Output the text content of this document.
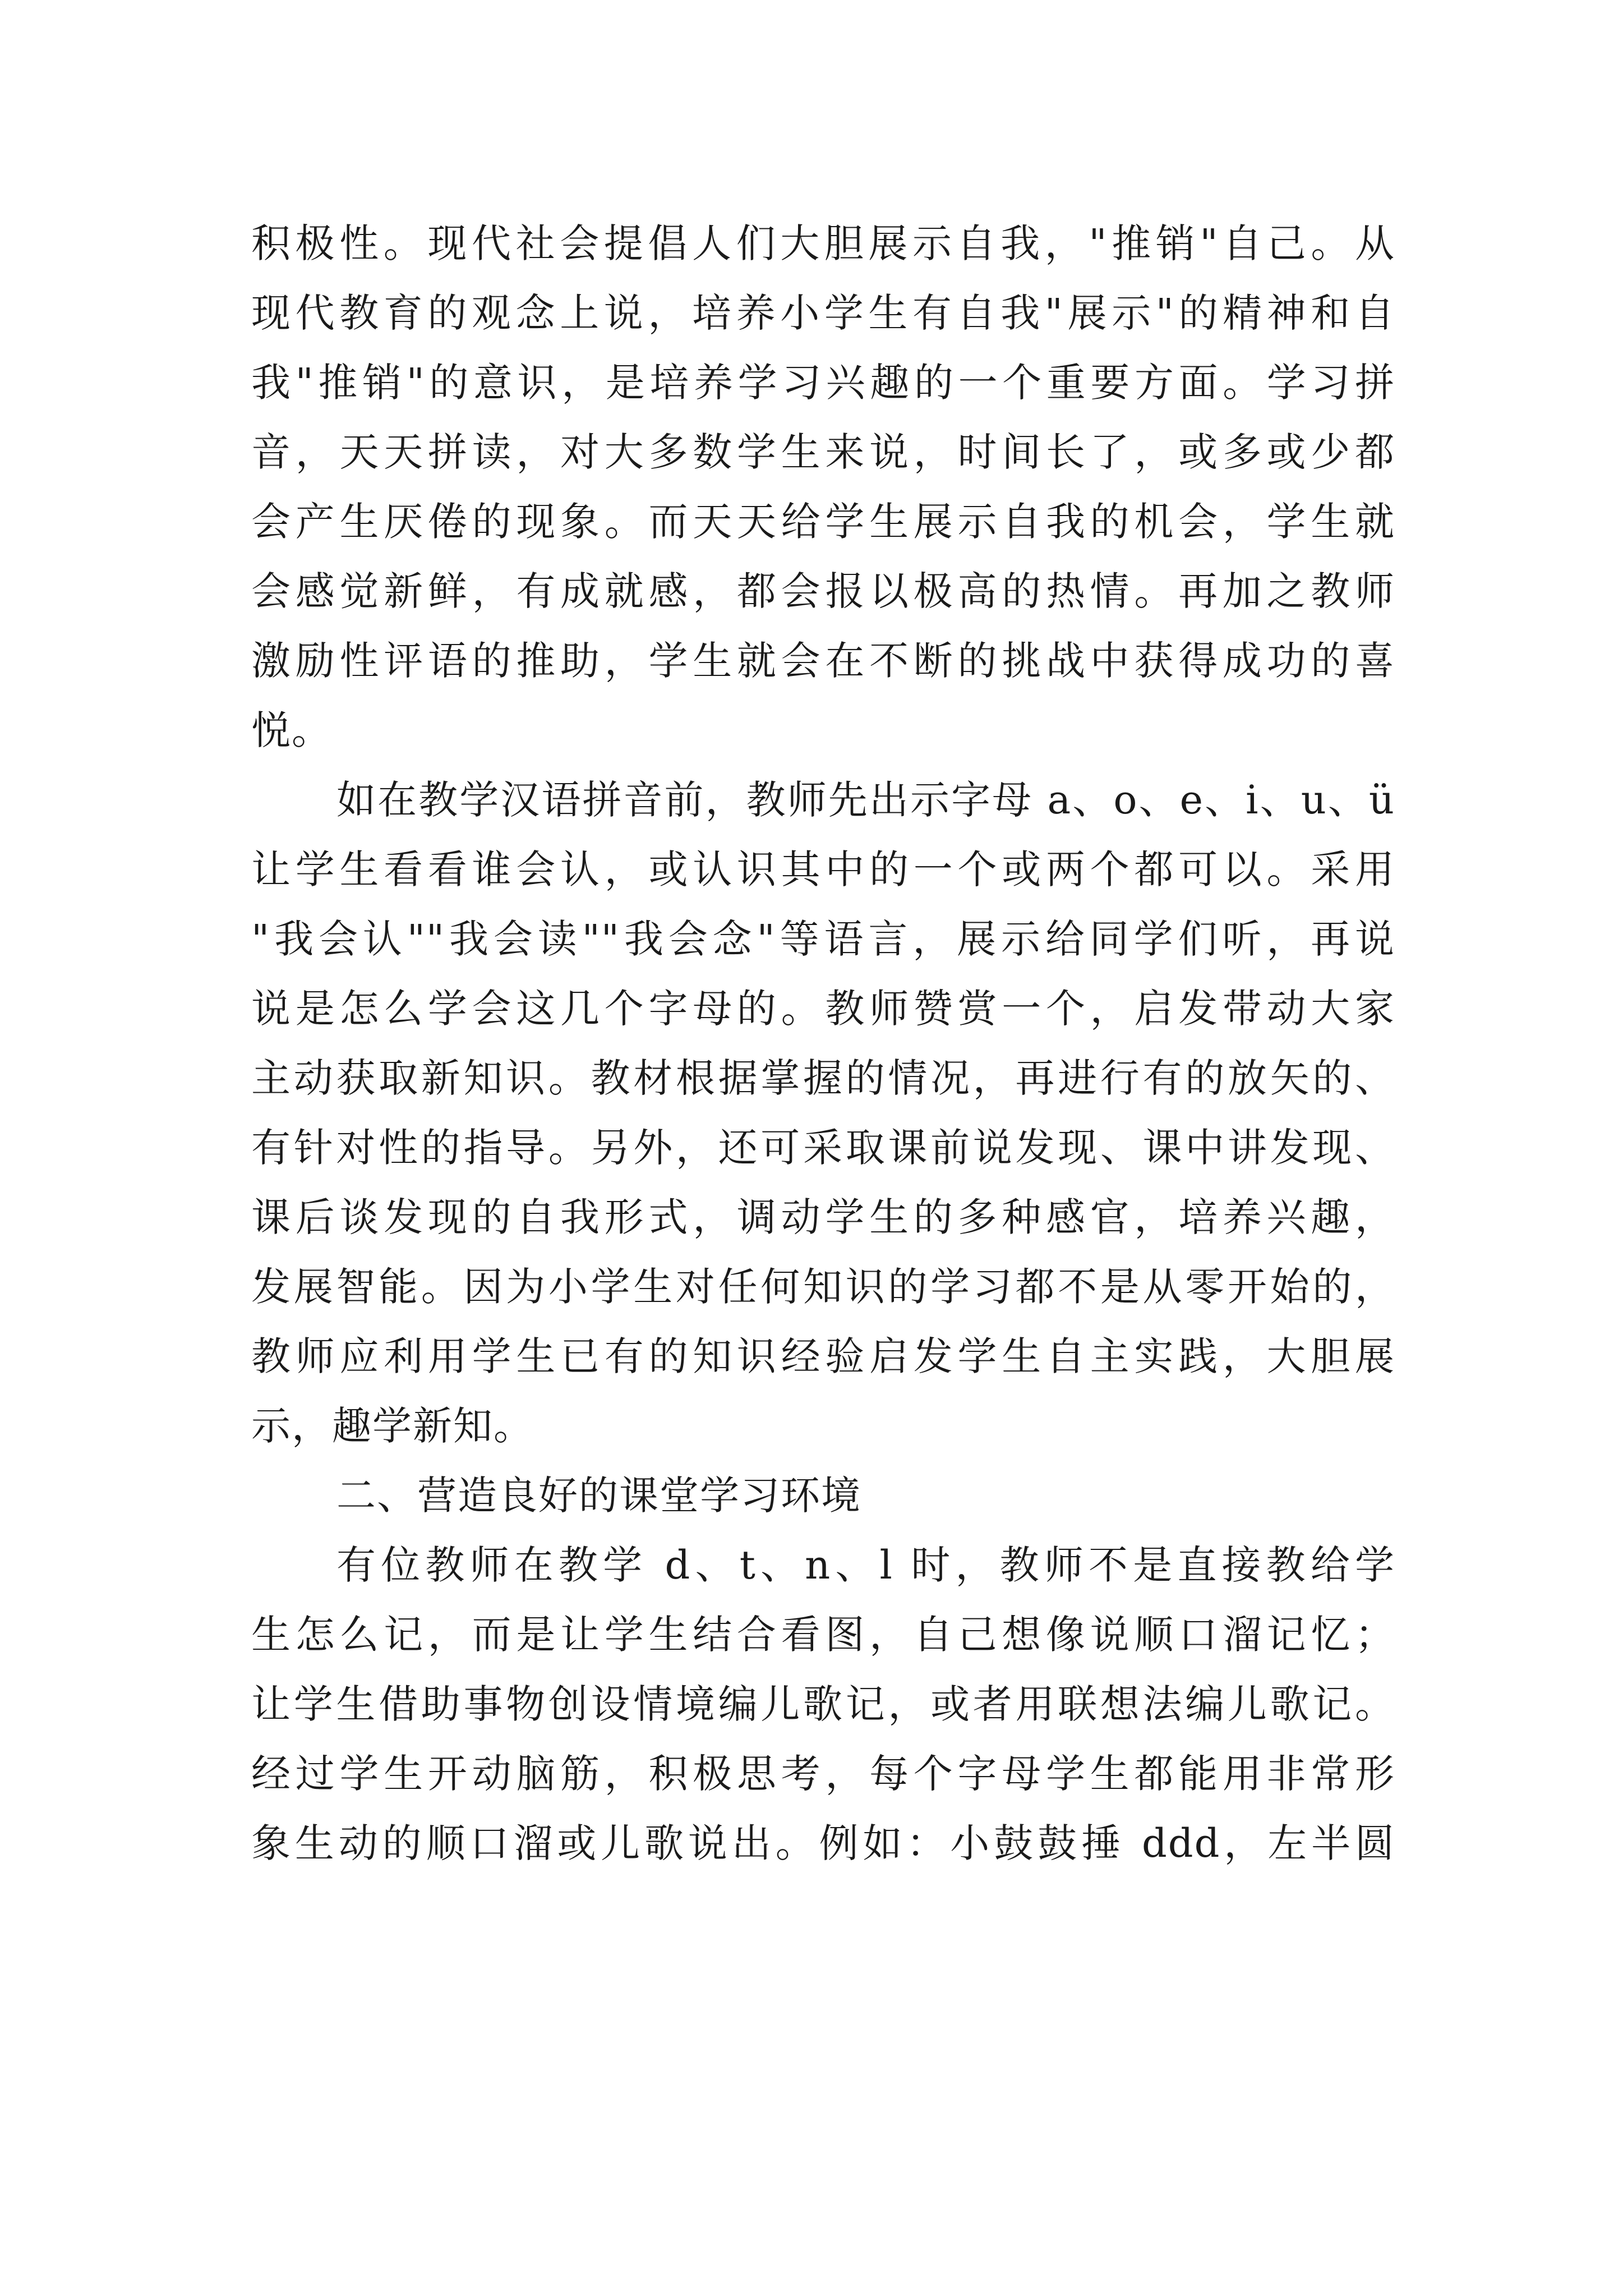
积极性。现代社会提倡人们大胆展示自我，"推销"自己。从
现代教育的观念上说，培养小学生有自我"展示"的精神和自
我"推销"的意识，是培养学习兴趣的一个重要方面。学习拼
音，天天拼读，对大多数学生来说，时间长了，或多或少都
会产生厌倦的现象。而天天给学生展示自我的机会，学生就
会感觉新鲜，有成就感，都会报以极高的热情。再加之教师
激励性评语的推助，学生就会在不断的挑战中获得成功的喜
悦。
如在教学汉语拼音前，教师先出示字母 a、o、e、i、u、ü
让学生看看谁会认，或认识其中的一个或两个都可以。采用
"我会认""我会读""我会念"等语言，展示给同学们听，再说
说是怎么学会这几个字母的。教师赞赏一个，启发带动大家
主动获取新知识。教材根据掌握的情况，再进行有的放矢的、
有针对性的指导。另外，还可采取课前说发现、课中讲发现、
课后谈发现的自我形式，调动学生的多种感官，培养兴趣，
发展智能。因为小学生对任何知识的学习都不是从零开始的，
教师应利用学生已有的知识经验启发学生自主实践，大胆展
示，趣学新知。
二、营造良好的课堂学习环境
有位教师在教学 d、t、n、l 时，教师不是直接教给学
生怎么记，而是让学生结合看图，自己想像说顺口溜记忆；
让学生借助事物创设情境编儿歌记，或者用联想法编儿歌记。
经过学生开动脑筋，积极思考，每个字母学生都能用非常形
象生动的顺口溜或儿歌说出。例如：小鼓鼓捶 ddd，左半圆
